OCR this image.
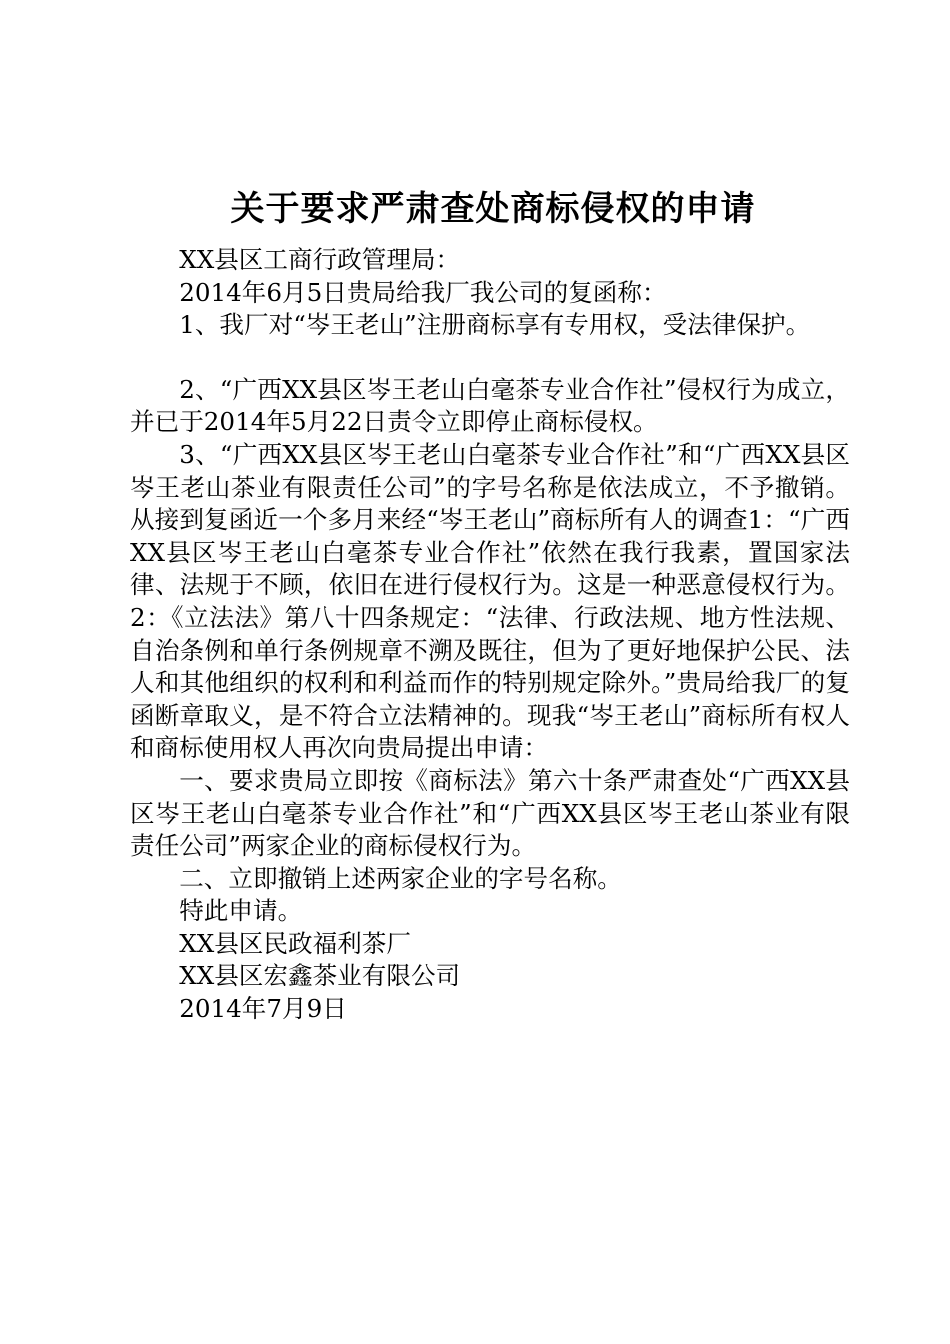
关于要求严肃查处商标侵权的申请

XX县区工商行政管理局：

2014年6月5日贵局给我厂我公司的复函称：

1、我厂对“岑王老山”注册商标享有专用权，受法律保护。

2、“广西XX县区岑王老山白毫茶专业合作社”侵权行为成立，并已于2014年5月22日责令立即停止商标侵权。

3、“广西XX县区岑王老山白毫茶专业合作社”和“广西XX县区岑王老山茶业有限责任公司”的字号名称是依法成立，不予撤销。从接到复函近一个多月来经“岑王老山”商标所有人的调查1：“广西XX县区岑王老山白毫茶专业合作社”依然在我行我素，置国家法律、法规于不顾，依旧在进行侵权行为。这是一种恶意侵权行为。2：《立法法》第八十四条规定：“法律、行政法规、地方性法规、自治条例和单行条例规章不溯及既往，但为了更好地保护公民、法人和其他组织的权利和利益而作的特别规定除外。”贵局给我厂的复函断章取义，是不符合立法精神的。现我“岑王老山”商标所有权人和商标使用权人再次向贵局提出申请：

一、要求贵局立即按《商标法》第六十条严肃查处“广西XX县区岑王老山白毫茶专业合作社”和“广西XX县区岑王老山茶业有限责任公司”两家企业的商标侵权行为。

二、立即撤销上述两家企业的字号名称。

特此申请。

XX县区民政福利茶厂

XX县区宏鑫茶业有限公司

2014年7月9日
